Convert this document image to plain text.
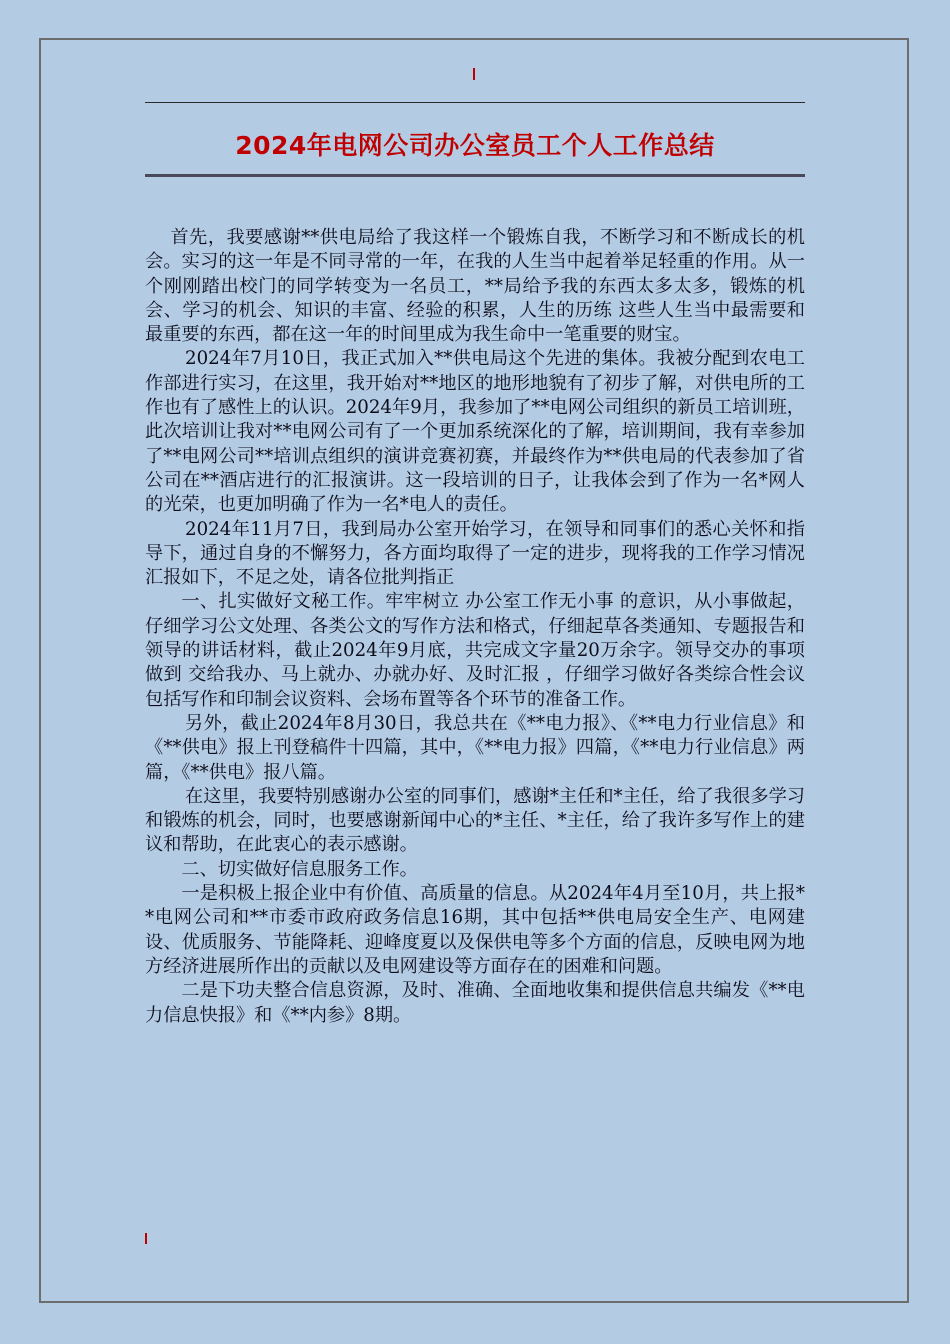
2024年电网公司办公室员工个人工作总结

首先，我要感谢**供电局给了我这样一个锻炼自我，不断学习和不断成长的机会。实习的这一年是不同寻常的一年，在我的人生当中起着举足轻重的作用。从一个刚刚踏出校门的同学转变为一名员工，**局给予我的东西太多太多，锻炼的机会、学习的机会、知识的丰富、经验的积累，人生的历练 这些人生当中最需要和最重要的东西，都在这一年的时间里成为我生命中一笔重要的财宝。

2024年7月10日，我正式加入**供电局这个先进的集体。我被分配到农电工作部进行实习，在这里，我开始对**地区的地形地貌有了初步了解，对供电所的工作也有了感性上的认识。2024年9月，我参加了**电网公司组织的新员工培训班，此次培训让我对**电网公司有了一个更加系统深化的了解，培训期间，我有幸参加了**电网公司**培训点组织的演讲竞赛初赛，并最终作为**供电局的代表参加了省公司在**酒店进行的汇报演讲。这一段培训的日子，让我体会到了作为一名*网人的光荣，也更加明确了作为一名*电人的责任。

2024年11月7日，我到局办公室开始学习，在领导和同事们的悉心关怀和指导下，通过自身的不懈努力，各方面均取得了一定的进步，现将我的工作学习情况汇报如下，不足之处，请各位批判指正

一、扎实做好文秘工作。牢牢树立 办公室工作无小事 的意识，从小事做起，仔细学习公文处理、各类公文的写作方法和格式，仔细起草各类通知、专题报告和领导的讲话材料，截止2024年9月底，共完成文字量20万余字。领导交办的事项做到 交给我办、马上就办、办就办好、及时汇报 ，仔细学习做好各类综合性会议包括写作和印制会议资料、会场布置等各个环节的准备工作。

另外，截止2024年8月30日，我总共在《**电力报》、《**电力行业信息》和《**供电》报上刊登稿件十四篇，其中，《**电力报》四篇，《**电力行业信息》两篇，《**供电》报八篇。

在这里，我要特别感谢办公室的同事们，感谢*主任和*主任，给了我很多学习和锻炼的机会，同时，也要感谢新闻中心的*主任、*主任，给了我许多写作上的建议和帮助，在此衷心的表示感谢。

二、切实做好信息服务工作。

一是积极上报企业中有价值、高质量的信息。从2024年4月至10月，共上报**电网公司和**市委市政府政务信息16期，其中包括**供电局安全生产、电网建设、优质服务、节能降耗、迎峰度夏以及保供电等多个方面的信息，反映电网为地方经济进展所作出的贡献以及电网建设等方面存在的困难和问题。

二是下功夫整合信息资源，及时、准确、全面地收集和提供信息共编发《**电力信息快报》和《**内参》8期。
